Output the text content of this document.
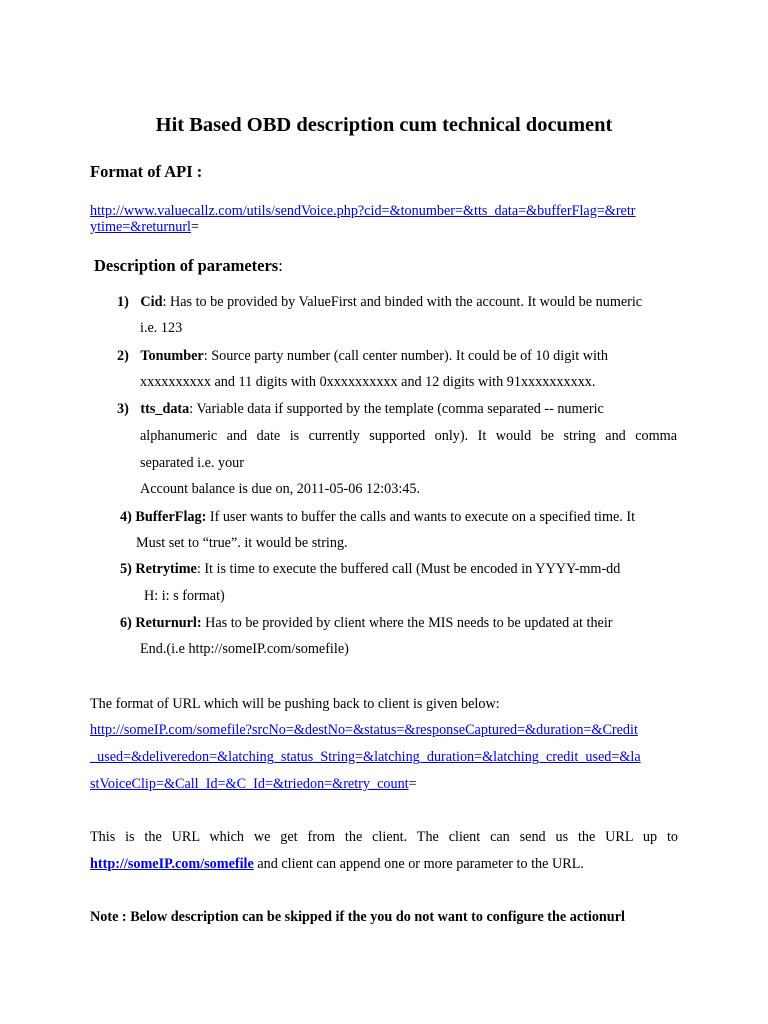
Hit Based OBD description cum technical document
Format of API :
http://www.valuecallz.com/utils/sendVoice.php?cid=&tonumber=&tts_data=&bufferFlag=&retr
ytime=&returnurl=
Description of parameters:
1) Cid: Has to be provided by ValueFirst and binded with the account. It would be numeric
i.e. 123
2) Tonumber: Source party number (call center number). It could be of 10 digit with
xxxxxxxxxx and 11 digits with 0xxxxxxxxxx and 12 digits with 91xxxxxxxxxx.
3) tts_data: Variable data if supported by the template (comma separated -- numeric
alphanumeric and date is currently supported only). It would be string and comma
separated i.e. your
Account balance is due on, 2011-05-06 12:03:45.
4) BufferFlag: If user wants to buffer the calls and wants to execute on a specified time. It
Must set to “true”. it would be string.
5) Retrytime: It is time to execute the buffered call (Must be encoded in YYYY-mm-dd
H: i: s format)
6) Returnurl: Has to be provided by client where the MIS needs to be updated at their
End.(i.e http://someIP.com/somefile)
The format of URL which will be pushing back to client is given below:
http://someIP.com/somefile?srcNo=&destNo=&status=&responseCaptured=&duration=&Credit
_used=&deliveredon=&latching_status_String=&latching_duration=&latching_credit_used=&la
stVoiceClip=&Call_Id=&C_Id=&triedon=&retry_count=
This is the URL which we get from the client. The client can send us the URL up to
http://someIP.com/somefile and client can append one or more parameter to the URL.
Note : Below description can be skipped if the you do not want to configure the actionurl
